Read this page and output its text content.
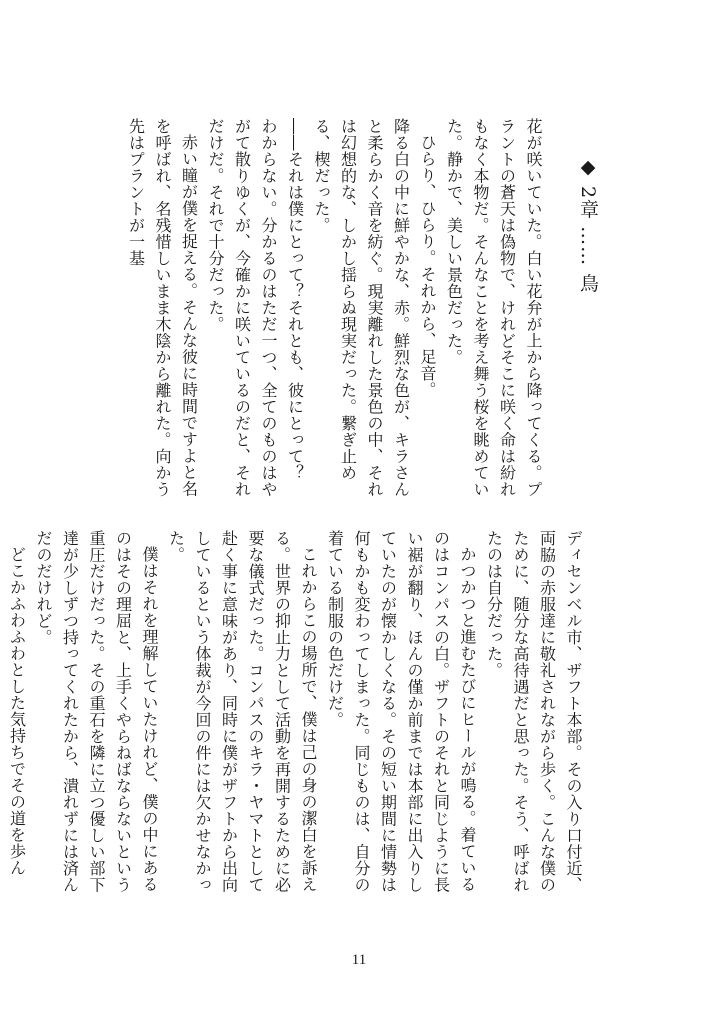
◆ 2章 …… 鳥

花が咲いていた。白い花弁が上から降ってくる。プラントの蒼天は偽物で、けれどそこに咲く命は紛れもなく本物だ。そんなことを考え舞う桜を眺めていた。静かで、美しい景色だった。

ひらり、ひらり。それから、足音。

降る白の中に鮮やかな、赤。鮮烈な色が、キラさんと柔らかく音を紡ぐ。現実離れした景色の中、それは幻想的な、しかし揺らぬ現実だった。繋ぎ止める、楔だった。

――それは僕にとって？それとも、彼にとって？

わからない。分かるのはただ一つ、全てのものはやがて散りゆくが、今確かに咲いているのだと、それだけだ。それで十分だった。

赤い瞳が僕を捉える。そんな彼に時間ですよと名を呼ばれ、名残惜しいまま木陰から離れた。向かう先はプラントが一基

ディセンベル市、ザフト本部。その入り口付近、両脇の赤服達に敬礼されながら歩く。こんな僕のために、随分な高待遇だと思った。そう、呼ばれたのは自分だった。

かつかつと進むたびにヒールが鳴る。着ているのはコンパスの白。ザフトのそれと同じように長い裾が翻り、ほんの僅か前までは本部に出入りしていたのが懐かしくなる。その短い期間に情勢は何もかも変わってしまった。同じものは、自分の着ている制服の色だけだ。

これからこの場所で、僕は己の身の潔白を訴える。世界の抑止力として活動を再開するために必要な儀式だった。コンパスのキラ・ヤマトとして赴く事に意味があり、同時に僕がザフトから出向しているという体裁が今回の件には欠かせなかった。

僕はそれを理解していたけれど、僕の中にあるのはその理屈と、上手くやらねばならないという重圧だけだった。その重石を隣に立つ優しい部下達が少しずつ持ってくれたから、潰れずには済んだのだけれど。

どこかふわふわとした気持ちでその道を歩ん

11
